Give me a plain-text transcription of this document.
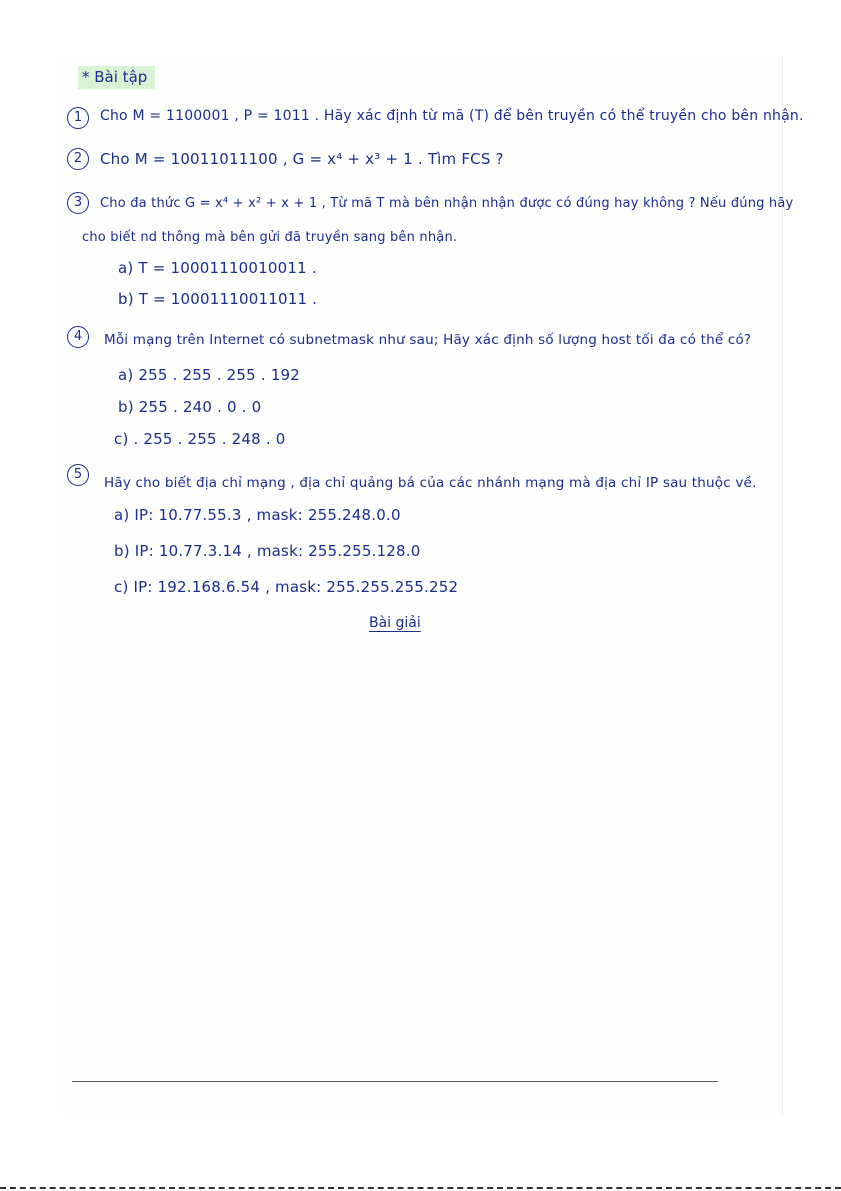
* Bài tập
1	Cho M = 1100001 , P = 1011 . Hãy xác định từ mã (T) để bên truyền có thể truyền cho bên nhận.
2	Cho M = 10011011100 , G = x⁴ + x³ + 1 . Tìm FCS ?
3	Cho đa thức G = x⁴ + x² + x + 1 , Từ mã T mà bên nhận nhận được có đúng hay không ? Nếu đúng hãy
cho biết nd thông mà bên gửi đã truyền sang bên nhận.
a) T = 10001110010011 .
b) T = 10001110011011 .
4	Mỗi mạng trên Internet có subnetmask như sau; Hãy xác định số lượng host tối đa có thể có?
a) 255 . 255 . 255 . 192
b) 255 . 240 . 0 . 0
c) . 255 . 255 . 248 . 0
5
Hãy cho biết địa chỉ mạng , địa chỉ quảng bá của các nhánh mạng mà địa chỉ IP sau thuộc về.
a) IP: 10.77.55.3 , mask: 255.248.0.0
b) IP: 10.77.3.14 , mask: 255.255.128.0
c) IP: 192.168.6.54 , mask: 255.255.255.252
Bài giải
